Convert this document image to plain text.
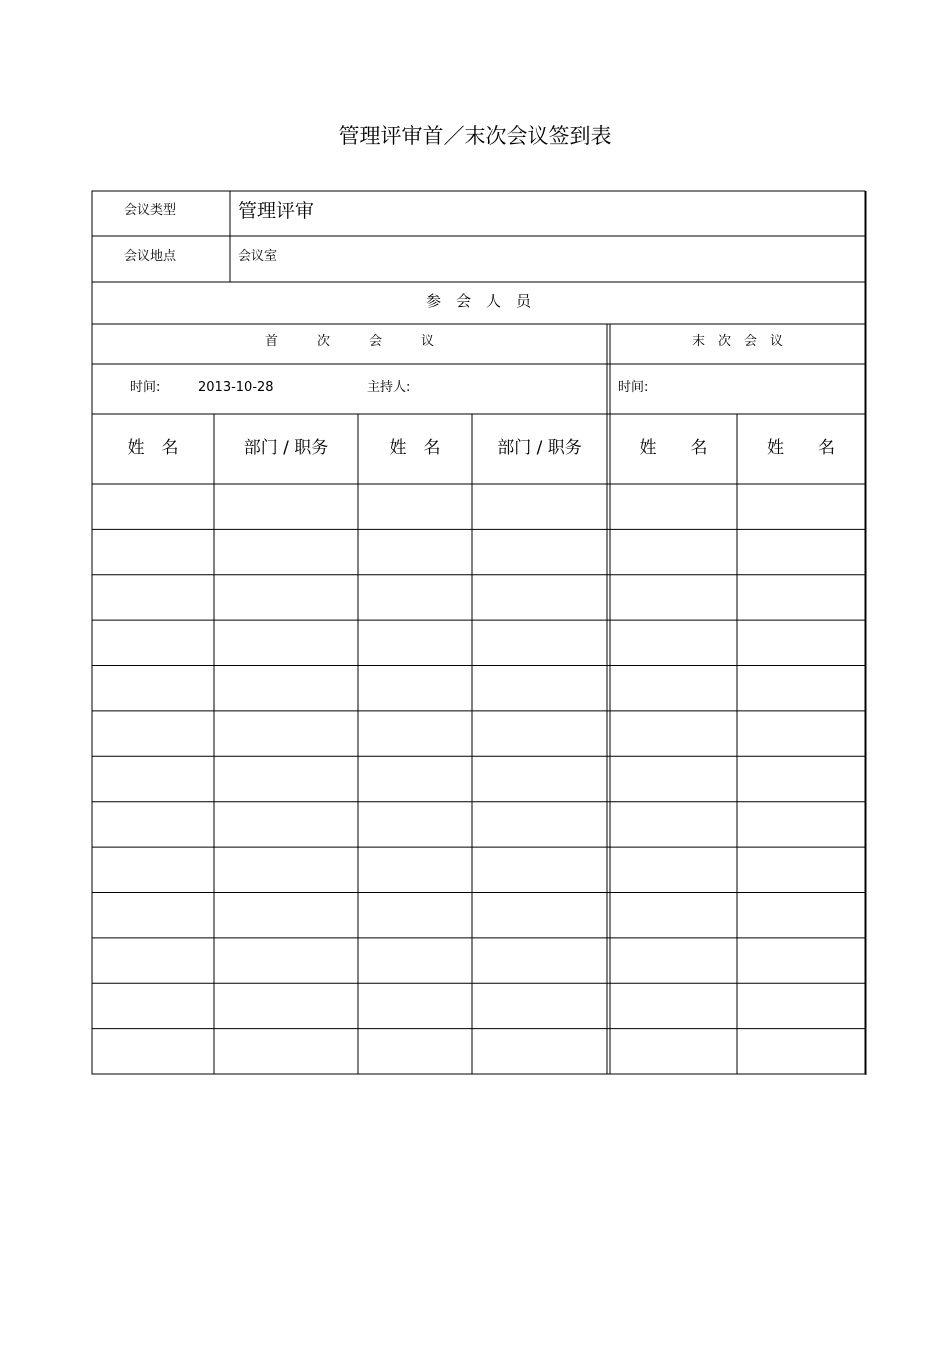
管理评审首／末次会议签到表
会议类型	管理评审
会议地点	会议室
参　会　人　员
首　　　次　　　会　　　议	末　次　会　议
时间:	2013-10-28	主持人:	时间:
姓　名	部门 / 职务	姓　名	部门 / 职务	姓　　名	姓　　名
